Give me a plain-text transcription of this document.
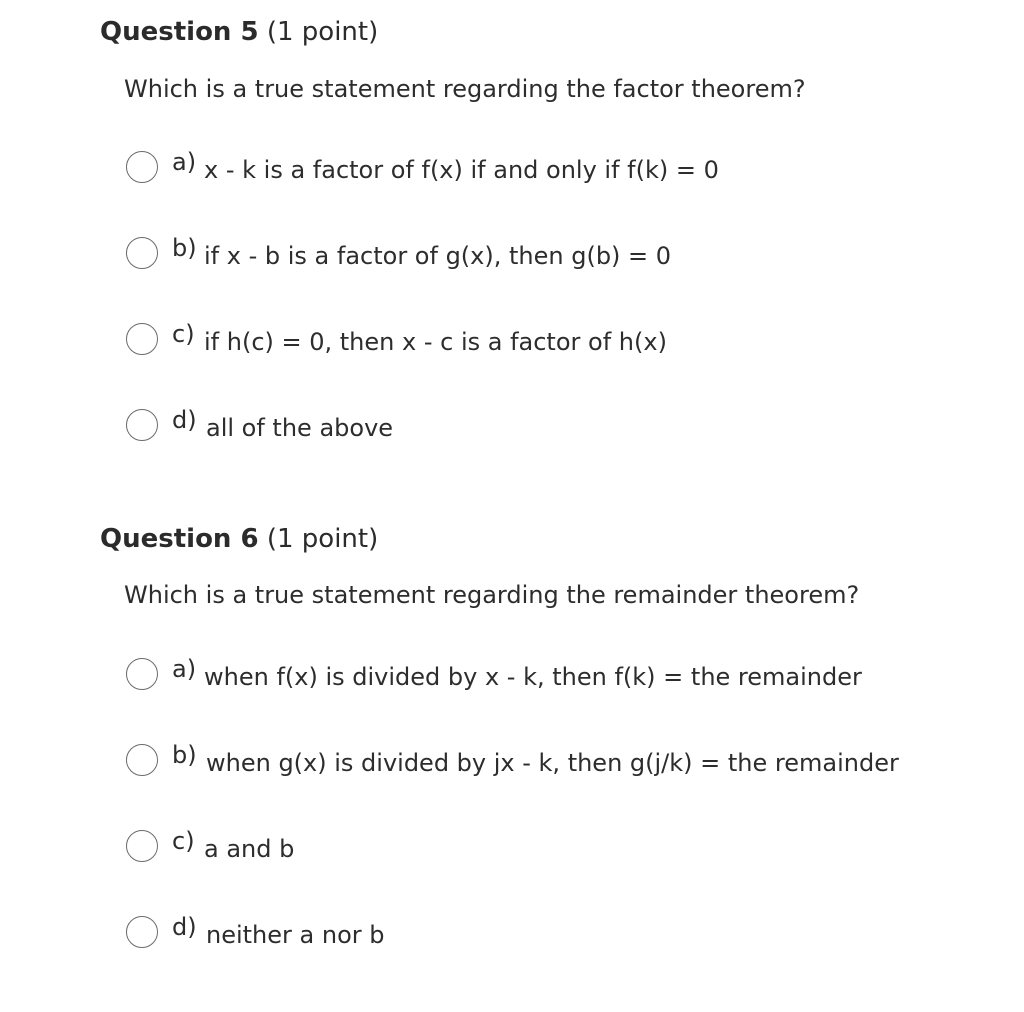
Question 5 (1 point)
Which is a true statement regarding the factor theorem?
a) x - k is a factor of f(x) if and only if f(k) = 0
b) if x - b is a factor of g(x), then g(b) = 0
c) if h(c) = 0, then x - c is a factor of h(x)
d) all of the above
Question 6 (1 point)
Which is a true statement regarding the remainder theorem?
a) when f(x) is divided by x - k, then f(k) = the remainder
b) when g(x) is divided by jx - k, then g(j/k) = the remainder
c) a and b
d) neither a nor b
